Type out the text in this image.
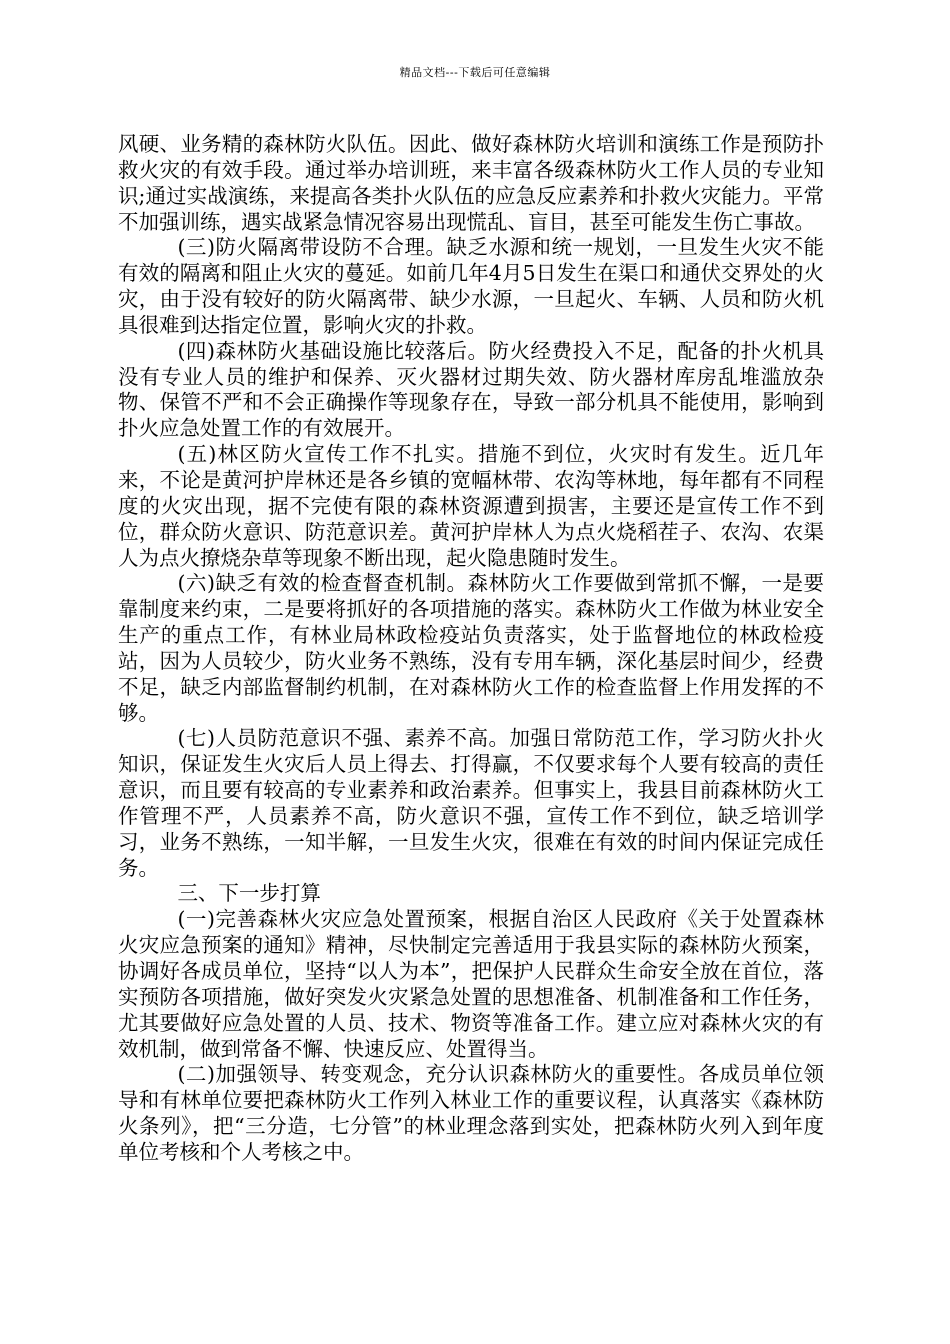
精品文档---下载后可任意编辑

风硬、业务精的森林防火队伍。因此、做好森林防火培训和演练工作是预防扑救火灾的有效手段。通过举办培训班，来丰富各级森林防火工作人员的专业知识;通过实战演练，来提高各类扑火队伍的应急反应素养和扑救火灾能力。平常不加强训练，遇实战紧急情况容易出现慌乱、盲目，甚至可能发生伤亡事故。

(三)防火隔离带设防不合理。缺乏水源和统一规划，一旦发生火灾不能有效的隔离和阻止火灾的蔓延。如前几年4月5日发生在渠口和通伏交界处的火灾，由于没有较好的防火隔离带、缺少水源，一旦起火、车辆、人员和防火机具很难到达指定位置，影响火灾的扑救。

(四)森林防火基础设施比较落后。防火经费投入不足，配备的扑火机具没有专业人员的维护和保养、灭火器材过期失效、防火器材库房乱堆滥放杂物、保管不严和不会正确操作等现象存在，导致一部分机具不能使用，影响到扑火应急处置工作的有效展开。

(五)林区防火宣传工作不扎实。措施不到位，火灾时有发生。近几年来，不论是黄河护岸林还是各乡镇的宽幅林带、农沟等林地，每年都有不同程度的火灾出现，据不完使有限的森林资源遭到损害，主要还是宣传工作不到位，群众防火意识、防范意识差。黄河护岸林人为点火烧稻茬子、农沟、农渠人为点火撩烧杂草等现象不断出现，起火隐患随时发生。

(六)缺乏有效的检查督查机制。森林防火工作要做到常抓不懈，一是要靠制度来约束，二是要将抓好的各项措施的落实。森林防火工作做为林业安全生产的重点工作，有林业局林政检疫站负责落实，处于监督地位的林政检疫站，因为人员较少，防火业务不熟练，没有专用车辆，深化基层时间少，经费不足，缺乏内部监督制约机制，在对森林防火工作的检查监督上作用发挥的不够。

(七)人员防范意识不强、素养不高。加强日常防范工作，学习防火扑火知识，保证发生火灾后人员上得去、打得赢，不仅要求每个人要有较高的责任意识，而且要有较高的专业素养和政治素养。但事实上，我县目前森林防火工作管理不严，人员素养不高，防火意识不强，宣传工作不到位，缺乏培训学习，业务不熟练，一知半解，一旦发生火灾，很难在有效的时间内保证完成任务。

三、下一步打算

(一)完善森林火灾应急处置预案，根据自治区人民政府《关于处置森林火灾应急预案的通知》精神，尽快制定完善适用于我县实际的森林防火预案，协调好各成员单位，坚持“以人为本”，把保护人民群众生命安全放在首位，落实预防各项措施，做好突发火灾紧急处置的思想准备、机制准备和工作任务，尤其要做好应急处置的人员、技术、物资等准备工作。建立应对森林火灾的有效机制，做到常备不懈、快速反应、处置得当。

(二)加强领导、转变观念，充分认识森林防火的重要性。各成员单位领导和有林单位要把森林防火工作列入林业工作的重要议程，认真落实《森林防火条列》，把“三分造，七分管”的林业理念落到实处，把森林防火列入到年度单位考核和个人考核之中。
